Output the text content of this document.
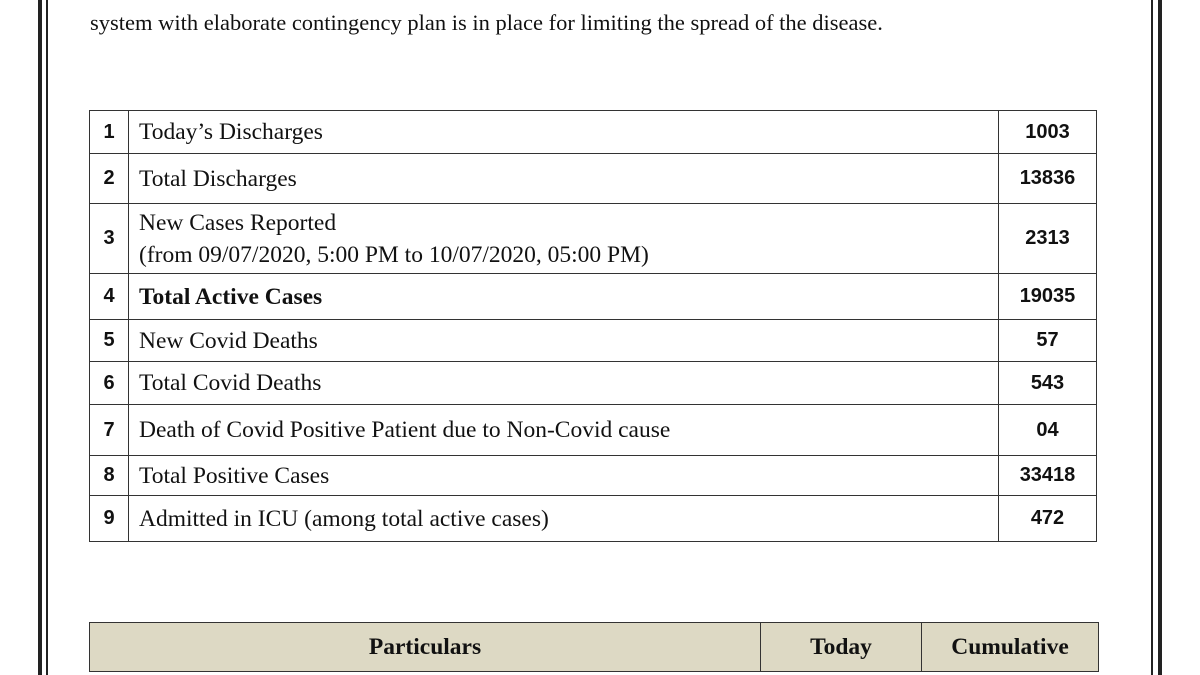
system with elaborate contingency plan is in place for limiting the spread of the disease.
1	Today’s Discharges	1003
2	Total Discharges	13836
3	New Cases Reported
(from 09/07/2020, 5:00 PM to 10/07/2020, 05:00 PM)	2313
4	Total Active Cases	19035
5	New Covid Deaths	57
6	Total Covid Deaths	543
7	Death of Covid Positive Patient due to Non-Covid cause	04
8	Total Positive Cases	33418
9	Admitted in ICU (among total active cases)	472
Particulars	Today	Cumulative
